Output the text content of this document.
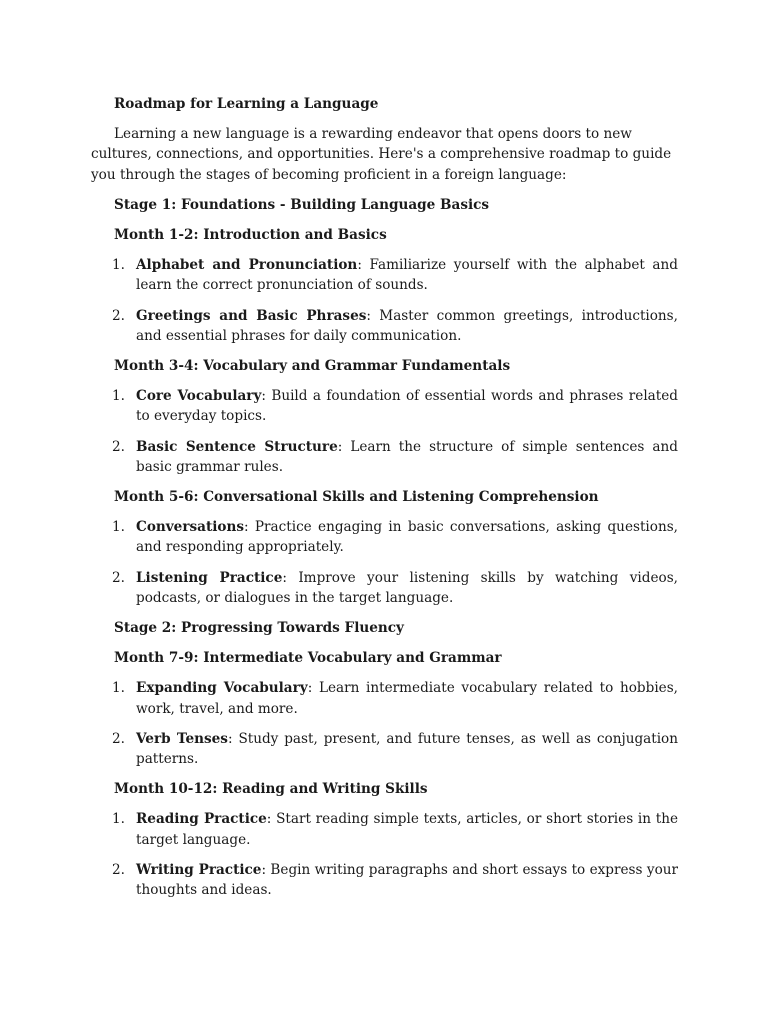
Roadmap for Learning a Language
Learning a new language is a rewarding endeavor that opens doors to new cultures, connections, and opportunities. Here's a comprehensive roadmap to guide you through the stages of becoming proficient in a foreign language:
Stage 1: Foundations - Building Language Basics
Month 1-2: Introduction and Basics
1. Alphabet and Pronunciation: Familiarize yourself with the alphabet and learn the correct pronunciation of sounds.
2. Greetings and Basic Phrases: Master common greetings, introductions, and essential phrases for daily communication.
Month 3-4: Vocabulary and Grammar Fundamentals
1. Core Vocabulary: Build a foundation of essential words and phrases related to everyday topics.
2. Basic Sentence Structure: Learn the structure of simple sentences and basic grammar rules.
Month 5-6: Conversational Skills and Listening Comprehension
1. Conversations: Practice engaging in basic conversations, asking questions, and responding appropriately.
2. Listening Practice: Improve your listening skills by watching videos, podcasts, or dialogues in the target language.
Stage 2: Progressing Towards Fluency
Month 7-9: Intermediate Vocabulary and Grammar
1. Expanding Vocabulary: Learn intermediate vocabulary related to hobbies, work, travel, and more.
2. Verb Tenses: Study past, present, and future tenses, as well as conjugation patterns.
Month 10-12: Reading and Writing Skills
1. Reading Practice: Start reading simple texts, articles, or short stories in the target language.
2. Writing Practice: Begin writing paragraphs and short essays to express your thoughts and ideas.
